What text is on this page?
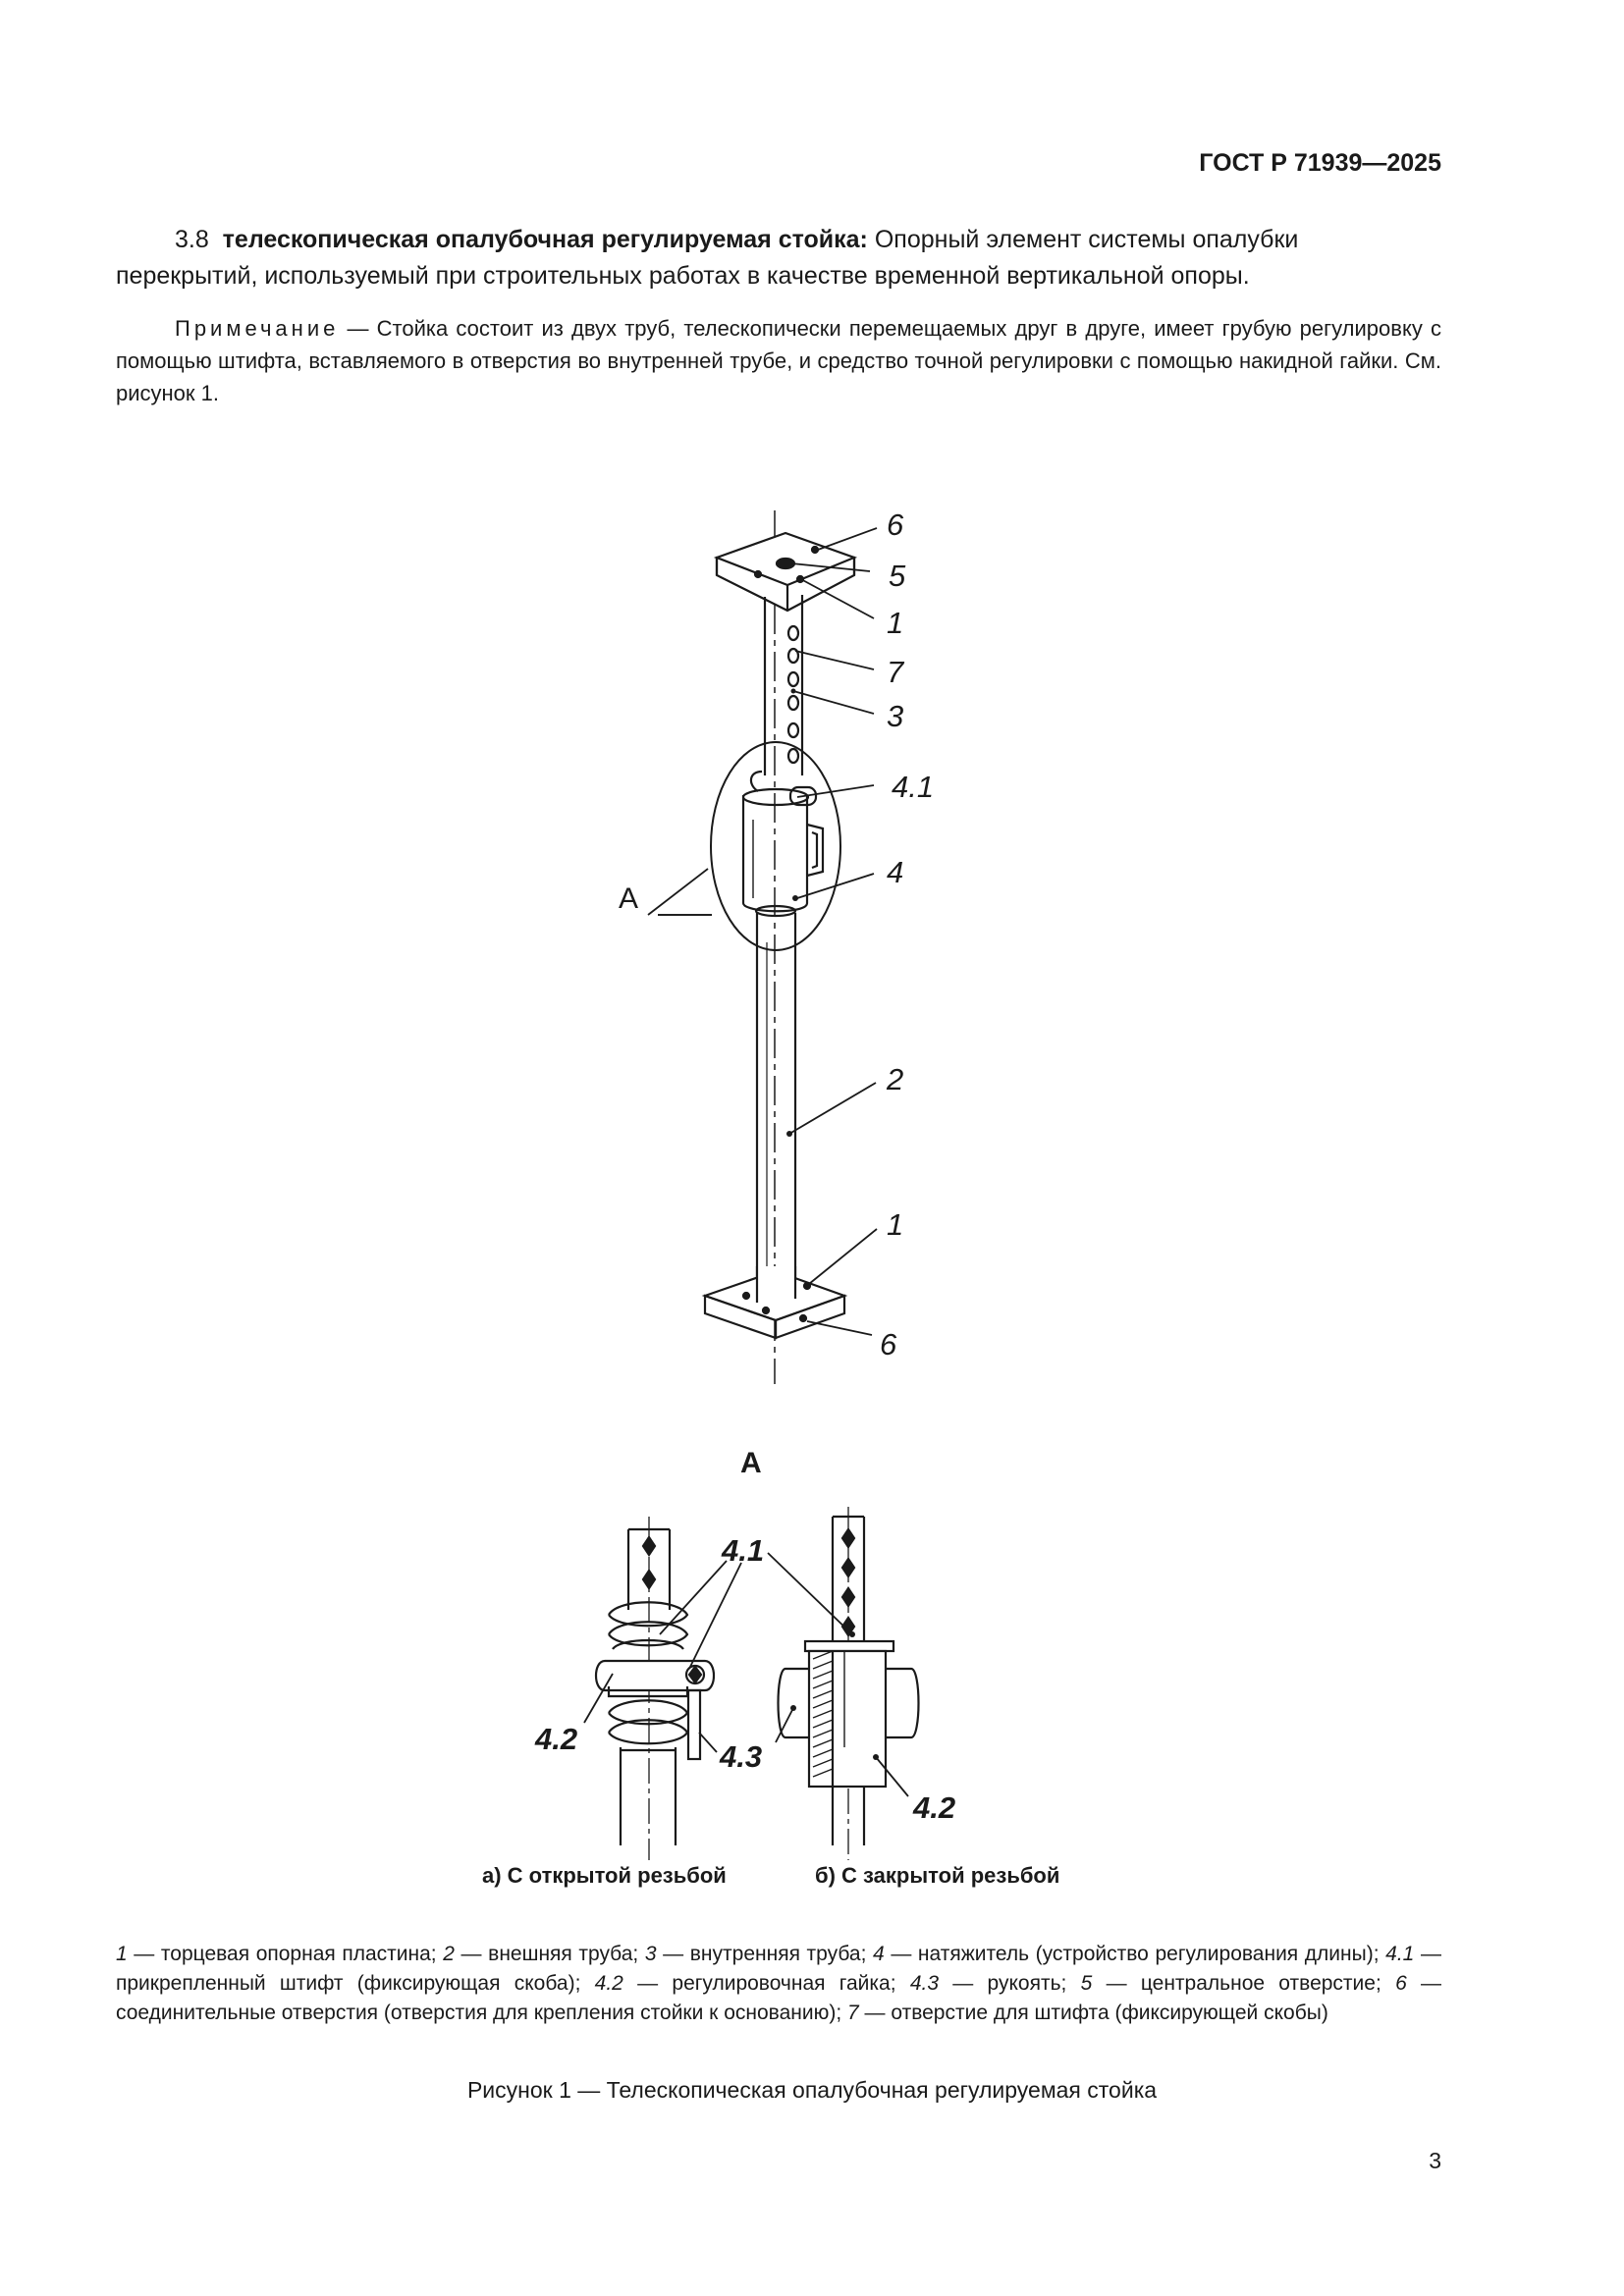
ГОСТ Р 71939—2025
3.8 телескопическая опалубочная регулируемая стойка: Опорный элемент системы опалубки перекрытий, используемый при строительных работах в качестве временной вертикальной опоры.
Примечание — Стойка состоит из двух труб, телескопически перемещаемых друг в друге, имеет грубую регулировку с помощью штифта, вставляемого в отверстия во внутренней трубе, и средство точной регулировки с помощью накидной гайки. См. рисунок 1.
6
5
1
7
3
4.1
4
А
2
1
6
А
4.1
4.2
4.3
4.2
а) С открытой резьбой	б) С закрытой резьбой
1 — торцевая опорная пластина; 2 — внешняя труба; 3 — внутренняя труба; 4 — натяжитель (устройство регулирования длины); 4.1 — прикрепленный штифт (фиксирующая скоба); 4.2 — регулировочная гайка; 4.3 — рукоять; 5 — центральное отверстие; 6 — соединительные отверстия (отверстия для крепления стойки к основанию); 7 — отверстие для штифта (фиксирующей скобы)
Рисунок 1 — Телескопическая опалубочная регулируемая стойка
3
